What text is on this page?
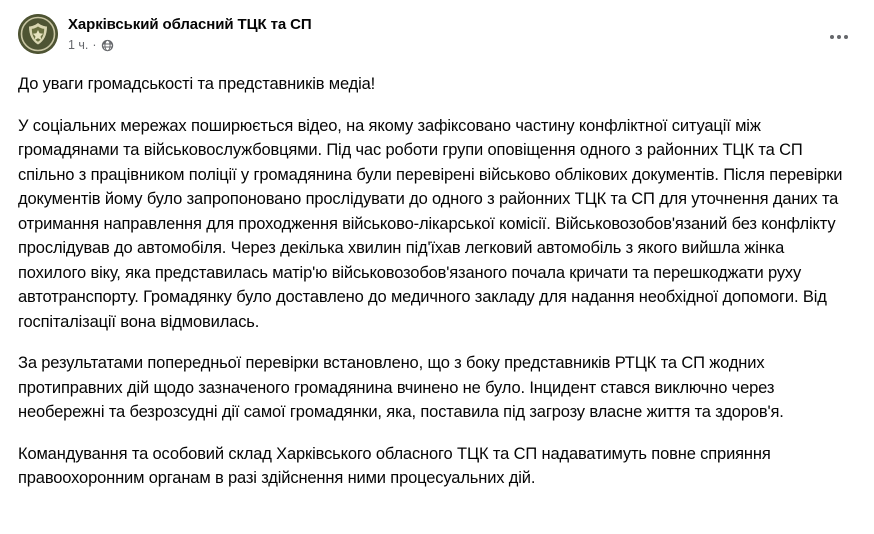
Харківський обласний ТЦК та СП
1 ч. ·

До уваги громадськості та представників медіа!

У соціальних мережах поширюється відео, на якому зафіксовано частину конфліктної ситуації між громадянами та військовослужбовцями. Під час роботи групи оповіщення одного з районних ТЦК та СП спільно з працівником поліції у громадянина були перевірені військово облікових документів. Після перевірки документів йому було запропоновано прослідувати до одного з районних ТЦК та СП для уточнення даних та отримання направлення для проходження військово-лікарської комісії. Військовозобов'язаний без конфлікту прослідував до автомобіля. Через декілька хвилин під'їхав легковий автомобіль з якого вийшла жінка похилого віку, яка представилась матір'ю військовозобов'язаного почала кричати та перешкоджати руху автотранспорту. Громадянку було доставлено до медичного закладу для надання необхідної допомоги. Від госпіталізації вона відмовилась.

За результатами попередньої перевірки встановлено, що з боку представників РТЦК та СП жодних протиправних дій щодо зазначеного громадянина вчинено не було. Інцидент стався виключно через необережні та безрозсудні дії самої громадянки, яка, поставила під загрозу власне життя та здоров'я.

Командування та особовий склад Харківського обласного ТЦК та СП надаватимуть повне сприяння правоохоронним органам в разі здійснення ними процесуальних дій.
